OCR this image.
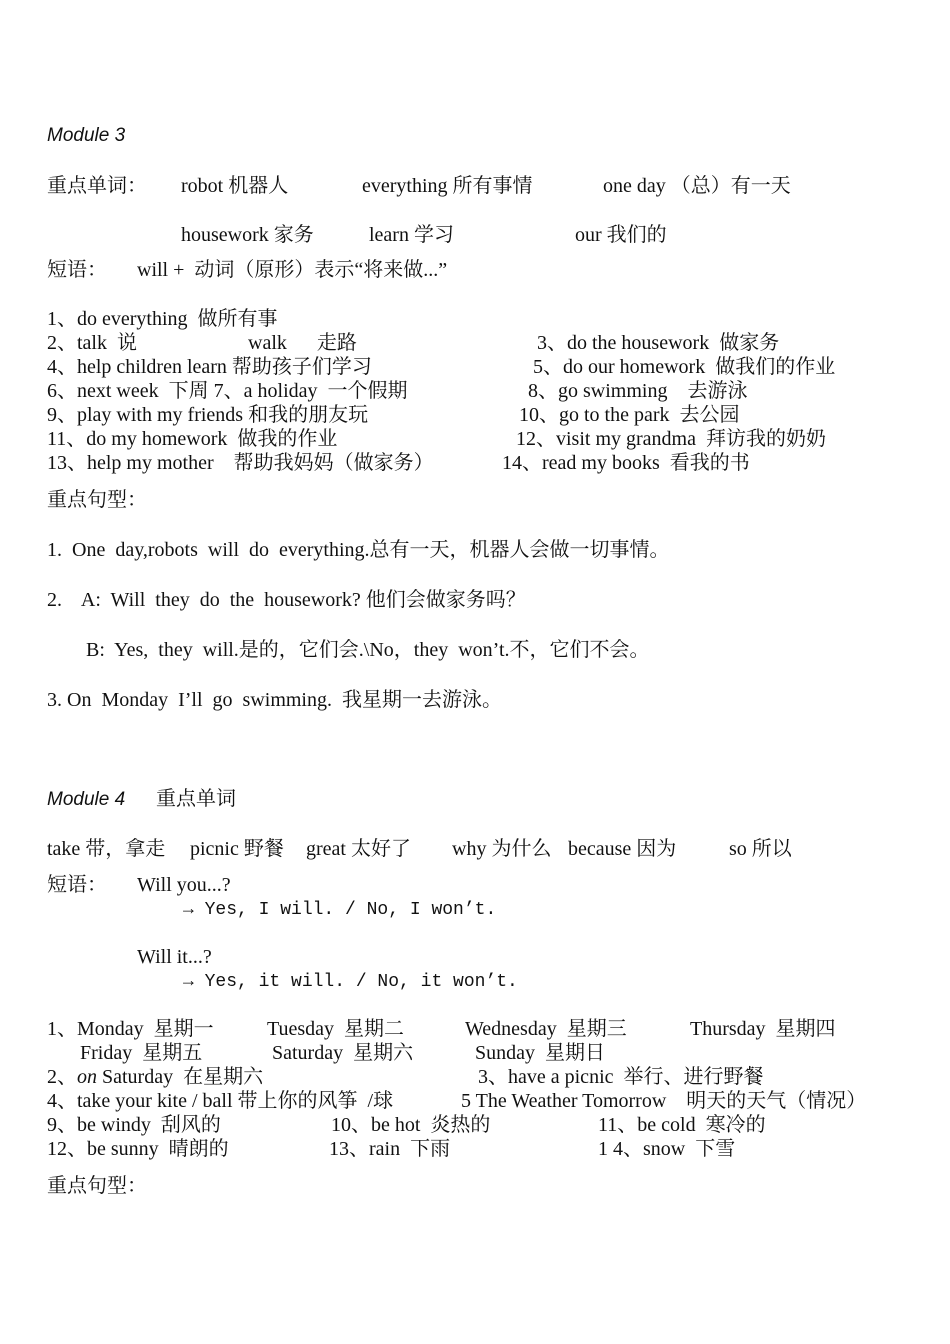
Module 3
重点单词： robot 机器人	everything 所有事情	one day （总）有一天
housework 家务	learn 学习	our 我们的
短语： will +  动词（原形）表示“将来做...”
1、do everything  做所有事
2、talk  说	walk      走路	3、do the housework  做家务
4、help children learn 帮助孩子们学习	5、do our homework  做我们的作业
6、next week  下周 7、a holiday  一个假期	8、go swimming    去游泳
9、play with my friends 和我的朋友玩	10、go to the park  去公园
11、do my homework  做我的作业	12、visit my grandma  拜访我的奶奶
13、help my mother    帮助我妈妈（做家务）	14、read my books  看我的书
重点句型：
1.  One  day,robots  will  do  everything.总有一天，机器人会做一切事情。
2.    A:  Will  they  do  the  housework? 他们会做家务吗？
B:  Yes,  they  will.是的，它们会.\No，they  won’t.不，它们不会。
3. On  Monday  I’ll  go  swimming.  我星期一去游泳。
Module 4 重点单词
take 带，拿走 picnic 野餐 great 太好了 why 为什么 because 因为	so 所以
短语： Will you...?
→ Yes, I will. / No, I won’t.
Will it...?
→ Yes, it will. / No, it won’t.
1、Monday  星期一	Tuesday  星期二	Wednesday  星期三	Thursday  星期四
Friday  星期五	Saturday  星期六	Sunday  星期日
2、on Saturday  在星期六	3、have a picnic  举行、进行野餐
4、take your kite / ball 带上你的风筝  /球	5 The Weather Tomorrow    明天的天气（情况）
9、be windy  刮风的	10、be hot  炎热的	11、be cold  寒冷的
12、be sunny  晴朗的	13、rain  下雨	1 4、snow  下雪
重点句型：
